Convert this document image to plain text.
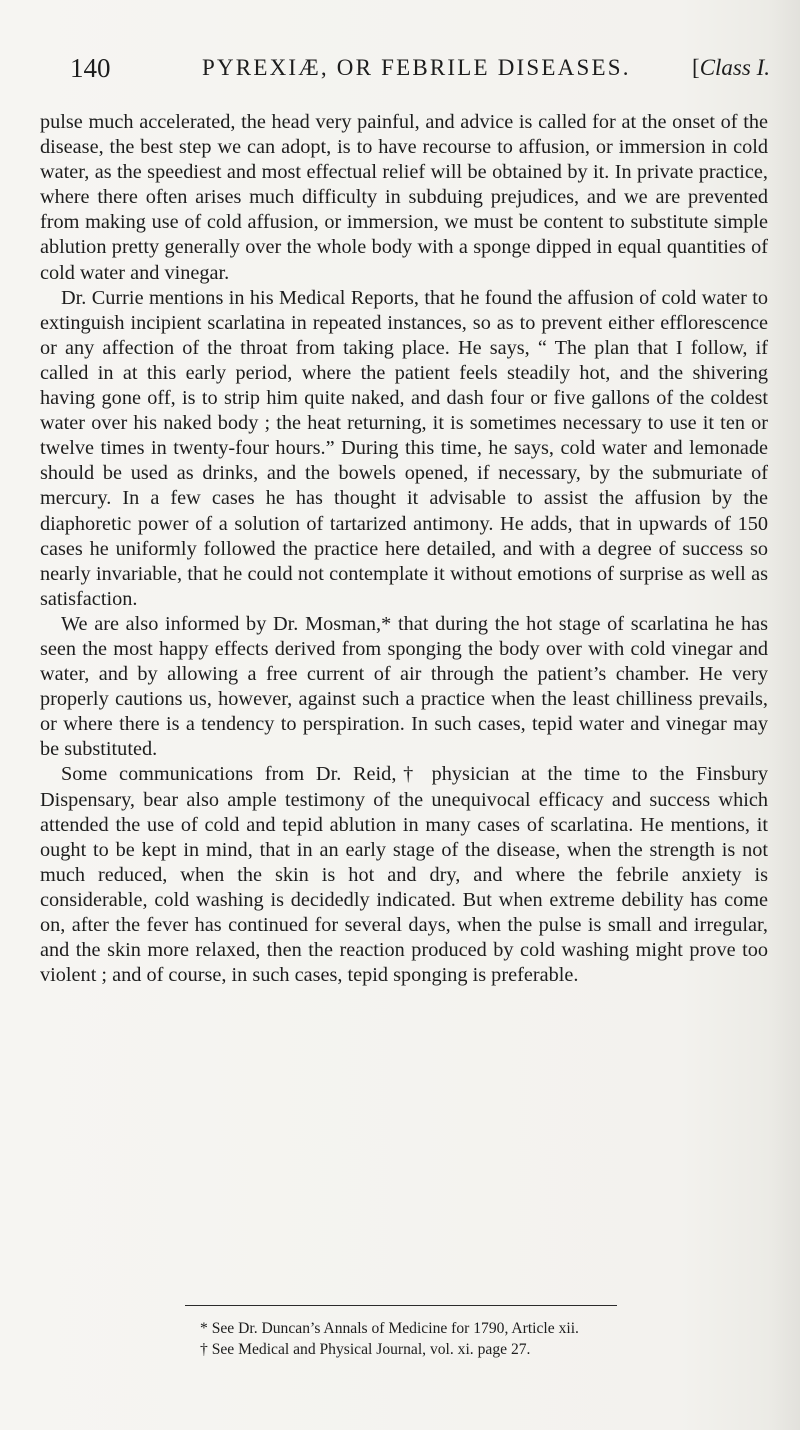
140	PYREXIÆ, OR FEBRILE DISEASES.	[Class I.

pulse much accelerated, the head very painful, and advice is called for at the onset of the disease, the best step we can adopt, is to have recourse to affusion, or immersion in cold water, as the speediest and most effectual relief will be obtained by it. In private practice, where there often arises much difficulty in subduing prejudices, and we are prevented from making use of cold affusion, or immersion, we must be content to substitute simple ablution pretty generally over the whole body with a sponge dipped in equal quantities of cold water and vinegar.

Dr. Currie mentions in his Medical Reports, that he found the affusion of cold water to extinguish incipient scarlatina in repeated instances, so as to prevent either efflorescence or any affection of the throat from taking place. He says, “ The plan that I follow, if called in at this early period, where the patient feels steadily hot, and the shivering having gone off, is to strip him quite naked, and dash four or five gallons of the coldest water over his naked body ; the heat returning, it is sometimes necessary to use it ten or twelve times in twenty-four hours.” During this time, he says, cold water and lemonade should be used as drinks, and the bowels opened, if necessary, by the submuriate of mercury. In a few cases he has thought it advisable to assist the affusion by the diaphoretic power of a solution of tartarized antimony. He adds, that in upwards of 150 cases he uniformly followed the practice here detailed, and with a degree of success so nearly invariable, that he could not contemplate it without emotions of surprise as well as satisfaction.

We are also informed by Dr. Mosman,* that during the hot stage of scarlatina he has seen the most happy effects derived from sponging the body over with cold vinegar and water, and by allowing a free current of air through the patient’s chamber. He very properly cautions us, however, against such a practice when the least chilliness prevails, or where there is a tendency to perspiration. In such cases, tepid water and vinegar may be substituted.

Some communications from Dr. Reid,† physician at the time to the Finsbury Dispensary, bear also ample testimony of the unequivocal efficacy and success which attended the use of cold and tepid ablution in many cases of scarlatina. He mentions, it ought to be kept in mind, that in an early stage of the disease, when the strength is not much reduced, when the skin is hot and dry, and where the febrile anxiety is considerable, cold washing is decidedly indicated. But when extreme debility has come on, after the fever has continued for several days, when the pulse is small and irregular, and the skin more relaxed, then the reaction produced by cold washing might prove too violent ; and of course, in such cases, tepid sponging is preferable.

* See Dr. Duncan’s Annals of Medicine for 1790, Article xii.
† See Medical and Physical Journal, vol. xi. page 27.
